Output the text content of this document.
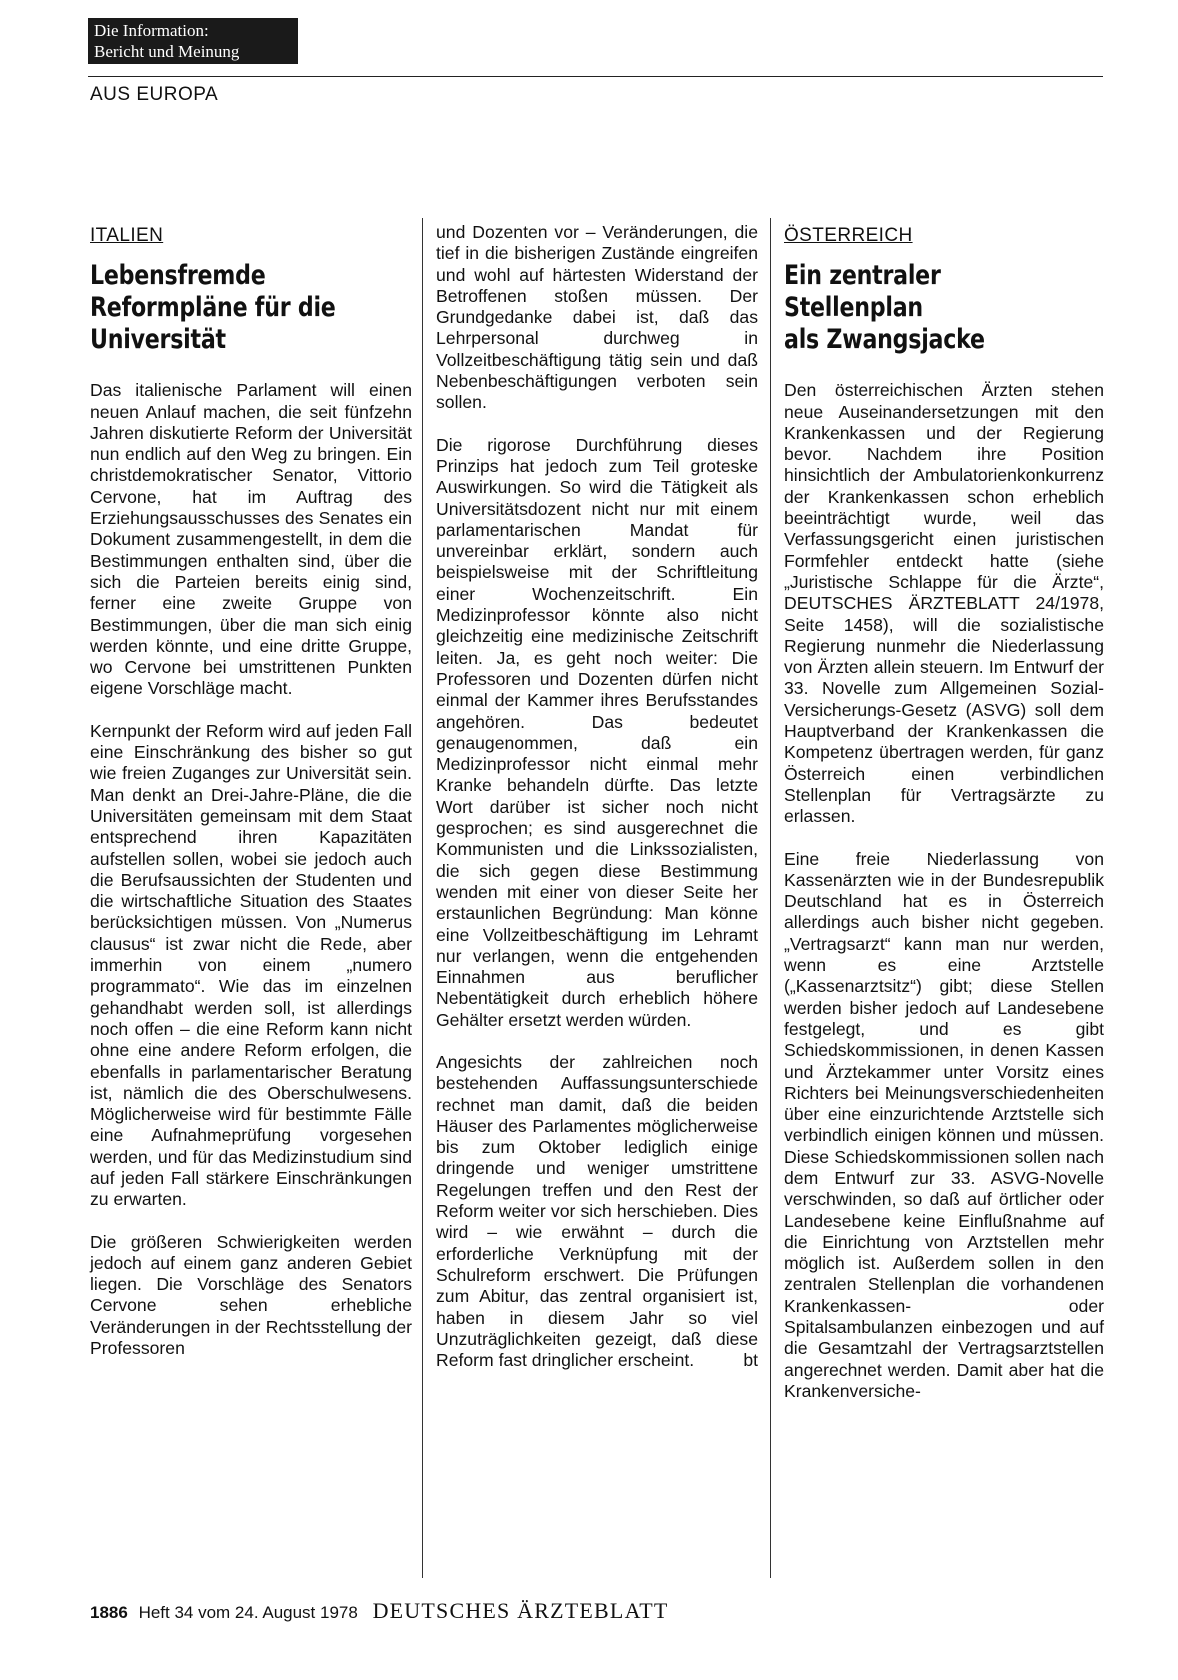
Die Information:
Bericht und Meinung
AUS EUROPA
ITALIEN
Lebensfremde
Reformpläne für die
Universität

Das italienische Parlament will einen neuen Anlauf machen, die seit fünfzehn Jahren diskutierte Reform der Universität nun endlich auf den Weg zu bringen. Ein christdemokratischer Senator, Vittorio Cervone, hat im Auftrag des Erziehungsausschusses des Senates ein Dokument zusammengestellt, in dem die Bestimmungen enthalten sind, über die sich die Parteien bereits einig sind, ferner eine zweite Gruppe von Bestimmungen, über die man sich einig werden könnte, und eine dritte Gruppe, wo Cervone bei umstrittenen Punkten eigene Vorschläge macht.

Kernpunkt der Reform wird auf jeden Fall eine Einschränkung des bisher so gut wie freien Zuganges zur Universität sein. Man denkt an Drei-Jahre-Pläne, die die Universitäten gemeinsam mit dem Staat entsprechend ihren Kapazitäten aufstellen sollen, wobei sie jedoch auch die Berufsaussichten der Studenten und die wirtschaftliche Situation des Staates berücksichtigen müssen. Von „Numerus clausus“ ist zwar nicht die Rede, aber immerhin von einem „numero programmato“. Wie das im einzelnen gehandhabt werden soll, ist allerdings noch offen – die eine Reform kann nicht ohne eine andere Reform erfolgen, die ebenfalls in parlamentarischer Beratung ist, nämlich die des Oberschulwesens. Möglicherweise wird für bestimmte Fälle eine Aufnahmeprüfung vorgesehen werden, und für das Medizinstudium sind auf jeden Fall stärkere Einschränkungen zu erwarten.

Die größeren Schwierigkeiten werden jedoch auf einem ganz anderen Gebiet liegen. Die Vorschläge des Senators Cervone sehen erhebliche Veränderungen in der Rechtsstellung der Professoren

und Dozenten vor – Veränderungen, die tief in die bisherigen Zustände eingreifen und wohl auf härtesten Widerstand der Betroffenen stoßen müssen. Der Grundgedanke dabei ist, daß das Lehrpersonal durchweg in Vollzeitbeschäftigung tätig sein und daß Nebenbeschäftigungen verboten sein sollen.

Die rigorose Durchführung dieses Prinzips hat jedoch zum Teil groteske Auswirkungen. So wird die Tätigkeit als Universitätsdozent nicht nur mit einem parlamentarischen Mandat für unvereinbar erklärt, sondern auch beispielsweise mit der Schriftleitung einer Wochenzeitschrift. Ein Medizinprofessor könnte also nicht gleichzeitig eine medizinische Zeitschrift leiten. Ja, es geht noch weiter: Die Professoren und Dozenten dürfen nicht einmal der Kammer ihres Berufsstandes angehören. Das bedeutet genaugenommen, daß ein Medizinprofessor nicht einmal mehr Kranke behandeln dürfte. Das letzte Wort darüber ist sicher noch nicht gesprochen; es sind ausgerechnet die Kommunisten und die Linkssozialisten, die sich gegen diese Bestimmung wenden mit einer von dieser Seite her erstaunlichen Begründung: Man könne eine Vollzeitbeschäftigung im Lehramt nur verlangen, wenn die entgehenden Einnahmen aus beruflicher Nebentätigkeit durch erheblich höhere Gehälter ersetzt werden würden.

Angesichts der zahlreichen noch bestehenden Auffassungsunterschiede rechnet man damit, daß die beiden Häuser des Parlamentes möglicherweise bis zum Oktober lediglich einige dringende und weniger umstrittene Regelungen treffen und den Rest der Reform weiter vor sich herschieben. Dies wird – wie erwähnt – durch die erforderliche Verknüpfung mit der Schulreform erschwert. Die Prüfungen zum Abitur, das zentral organisiert ist, haben in diesem Jahr so viel Unzuträglichkeiten gezeigt, daß diese Reform fast dringlicher erscheint.	bt

ÖSTERREICH
Ein zentraler
Stellenplan
als Zwangsjacke

Den österreichischen Ärzten stehen neue Auseinandersetzungen mit den Krankenkassen und der Regierung bevor. Nachdem ihre Position hinsichtlich der Ambulatorienkonkurrenz der Krankenkassen schon erheblich beeinträchtigt wurde, weil das Verfassungsgericht einen juristischen Formfehler entdeckt hatte (siehe „Juristische Schlappe für die Ärzte“, DEUTSCHES ÄRZTEBLATT 24/1978, Seite 1458), will die sozialistische Regierung nunmehr die Niederlassung von Ärzten allein steuern. Im Entwurf der 33. Novelle zum Allgemeinen Sozial-Versicherungs-Gesetz (ASVG) soll dem Hauptverband der Krankenkassen die Kompetenz übertragen werden, für ganz Österreich einen verbindlichen Stellenplan für Vertragsärzte zu erlassen.

Eine freie Niederlassung von Kassenärzten wie in der Bundesrepublik Deutschland hat es in Österreich allerdings auch bisher nicht gegeben. „Vertragsarzt“ kann man nur werden, wenn es eine Arztstelle („Kassenarztsitz“) gibt; diese Stellen werden bisher jedoch auf Landesebene festgelegt, und es gibt Schiedskommissionen, in denen Kassen und Ärztekammer unter Vorsitz eines Richters bei Meinungsverschiedenheiten über eine einzurichtende Arztstelle sich verbindlich einigen können und müssen. Diese Schiedskommissionen sollen nach dem Entwurf zur 33. ASVG-Novelle verschwinden, so daß auf örtlicher oder Landesebene keine Einflußnahme auf die Einrichtung von Arztstellen mehr möglich ist. Außerdem sollen in den zentralen Stellenplan die vorhandenen Krankenkassen- oder Spitalsambulanzen einbezogen und auf die Gesamtzahl der Vertragsarztstellen angerechnet werden. Damit aber hat die Krankenversiche-

1886 Heft 34 vom 24. August 1978 DEUTSCHES ÄRZTEBLATT
